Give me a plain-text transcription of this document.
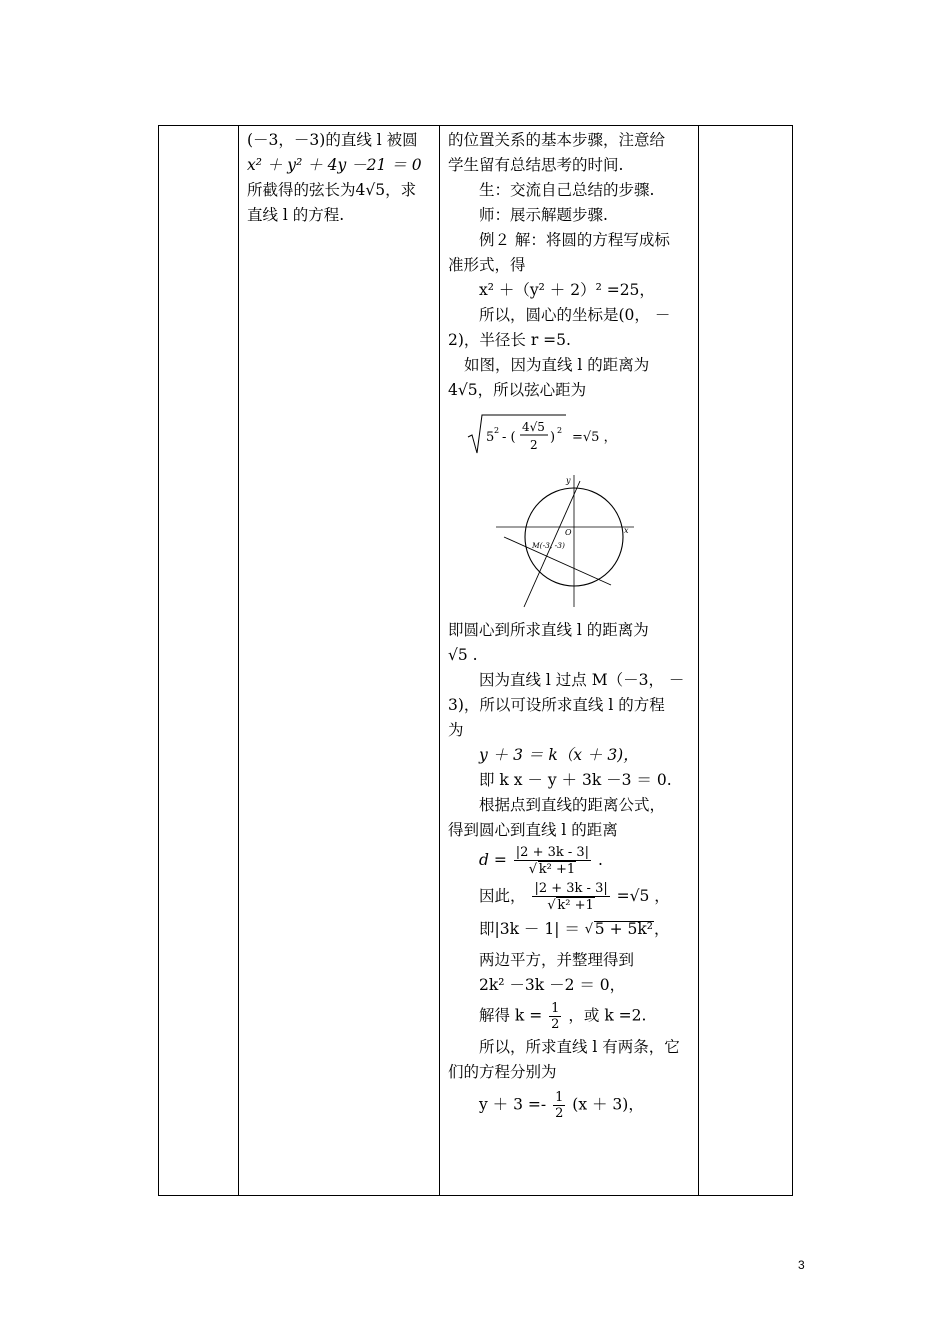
(－3，－3)的直线 l 被圆

x² ＋ y² ＋ 4y －21 ＝ 0

所截得的弦长为4√5，求

直线 l 的方程.

的位置关系的基本步骤，注意给

学生留有总结思考的时间.

生：交流自己总结的步骤.

师：展示解题步骤.

例２ 解：将圆的方程写成标

准形式，得

x² ＋（y² ＋ 2）² =25，

所以，圆心的坐标是(0， －

2)，半径长 r =5.

如图，因为直线 l 的距离为

4√5，所以弦心距为

5 2 - (
4√5
2 ) 2 =√5 ，

x
y
O
M(-3, -3)

即圆心到所求直线 l 的距离为

√5 .

因为直线 l 过点 M（－3， －

3)，所以可设所求直线 l 的方程

为

y ＋ 3 ＝ k（x ＋ 3)，

即 k x － y ＋ 3k －3 ＝ 0.

根据点到直线的距离公式，

得到圆心到直线 l 的距离

$d = \frac{|2 + 3k - 3|}{\text{√ k² +1}}$ .

因此， $\frac{|2 + 3k - 3|}{\text{√ k² +1}} =√5$ ，

即|3k － 1| ＝ √ 5 + 5k²，

两边平方，并整理得到

2k² －3k －2 ＝ 0，

解得 $k = \frac{1}{2}$ ，或 k =2.

所以，所求直线 l 有两条，它

们的方程分别为

$y + 3 =- \frac{1}{2} (x + 3)$，

3
